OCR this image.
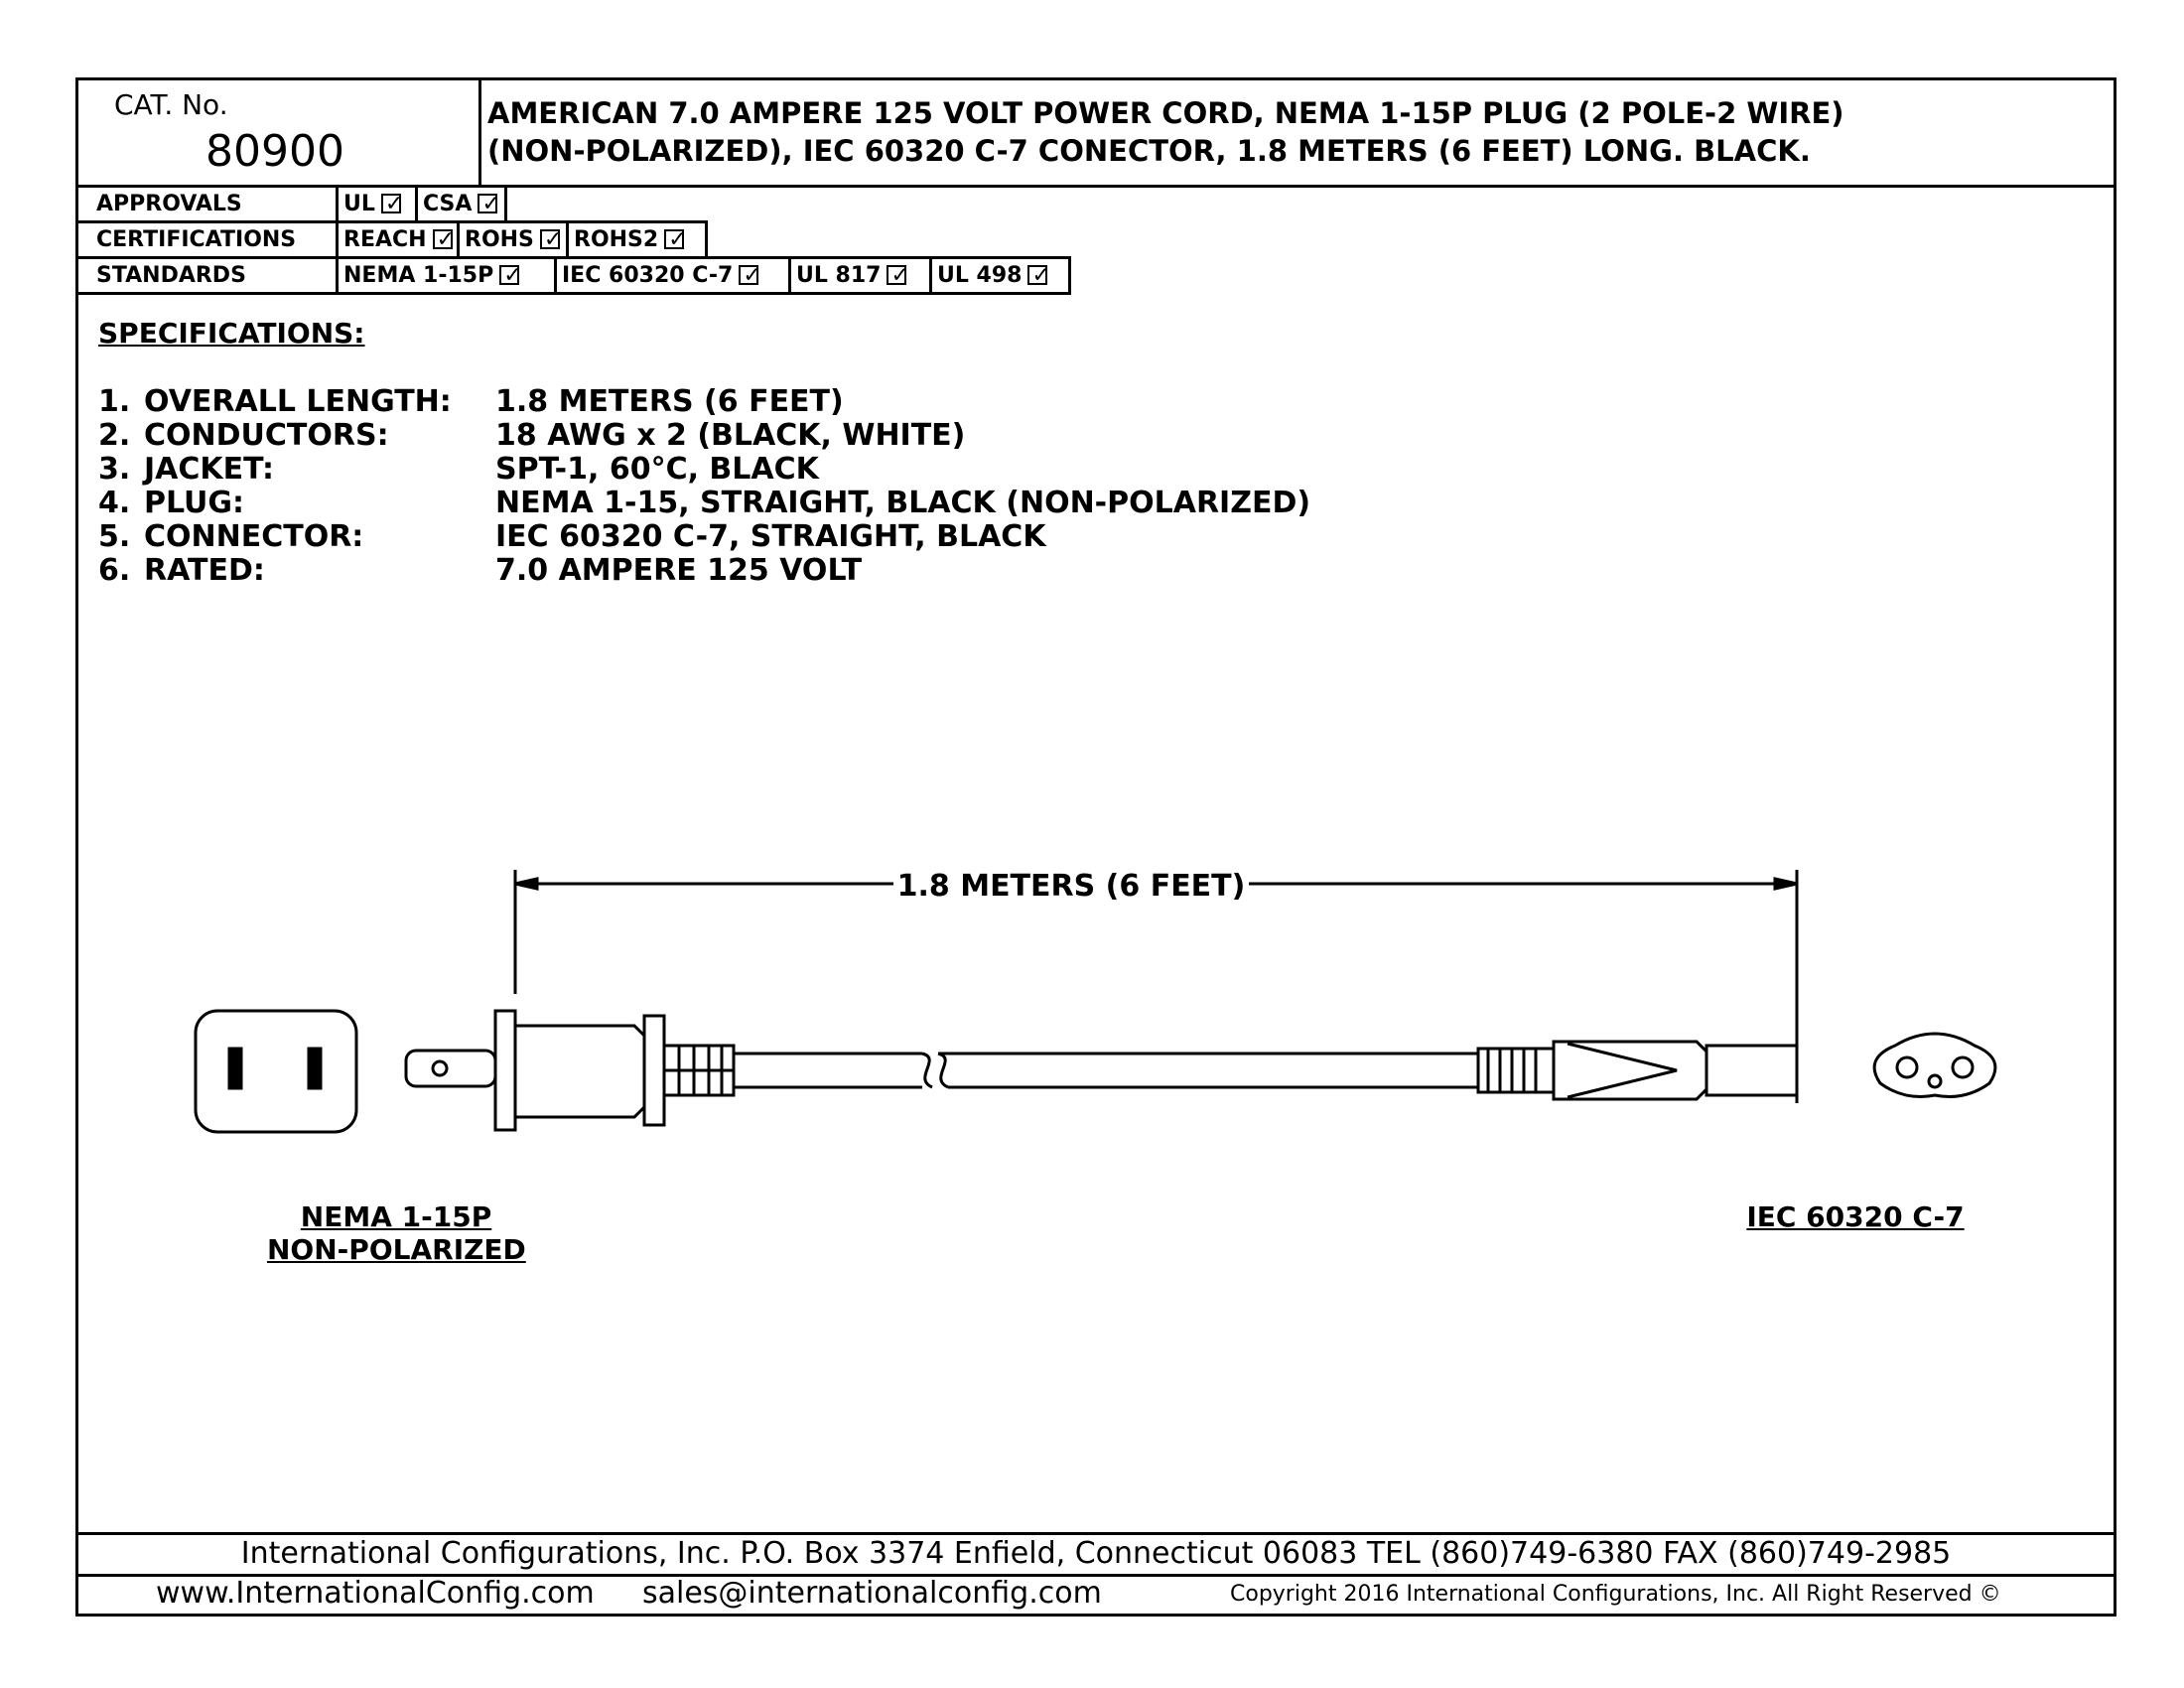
CAT. No.
80900
AMERICAN 7.0 AMPERE 125 VOLT POWER CORD, NEMA 1-15P PLUG (2 POLE-2 WIRE)
(NON-POLARIZED), IEC 60320 C-7 CONECTOR, 1.8 METERS (6 FEET) LONG. BLACK.
APPROVALS	UL ✓	CSA✓
CERTIFICATIONS	REACH ✓	ROHS ✓	ROHS2✓
STANDARDS	NEMA 1-15P ✓	IEC 60320 C-7 ✓	UL 817 ✓	UL 498✓
SPECIFICATIONS:
1. OVERALL LENGTH: 1.8 METERS (6 FEET)
2. CONDUCTORS:	18 AWG x 2 (BLACK, WHITE)
3. JACKET:	SPT-1, 60°C, BLACK
4. PLUG:	NEMA 1-15, STRAIGHT, BLACK (NON-POLARIZED)
5. CONNECTOR:	IEC 60320 C-7, STRAIGHT, BLACK
6. RATED:	7.0 AMPERE 125 VOLT
1.8 METERS (6 FEET)
NEMA 1-15P
NON-POLARIZED
IEC 60320 C-7
International Configurations, Inc. P.O. Box 3374 Enfield, Connecticut 06083 TEL (860)749-6380 FAX (860)749-2985
www.InternationalConfig.com sales@internationalconfig.com	Copyright 2016 International Configurations, Inc. All Right Reserved ©
